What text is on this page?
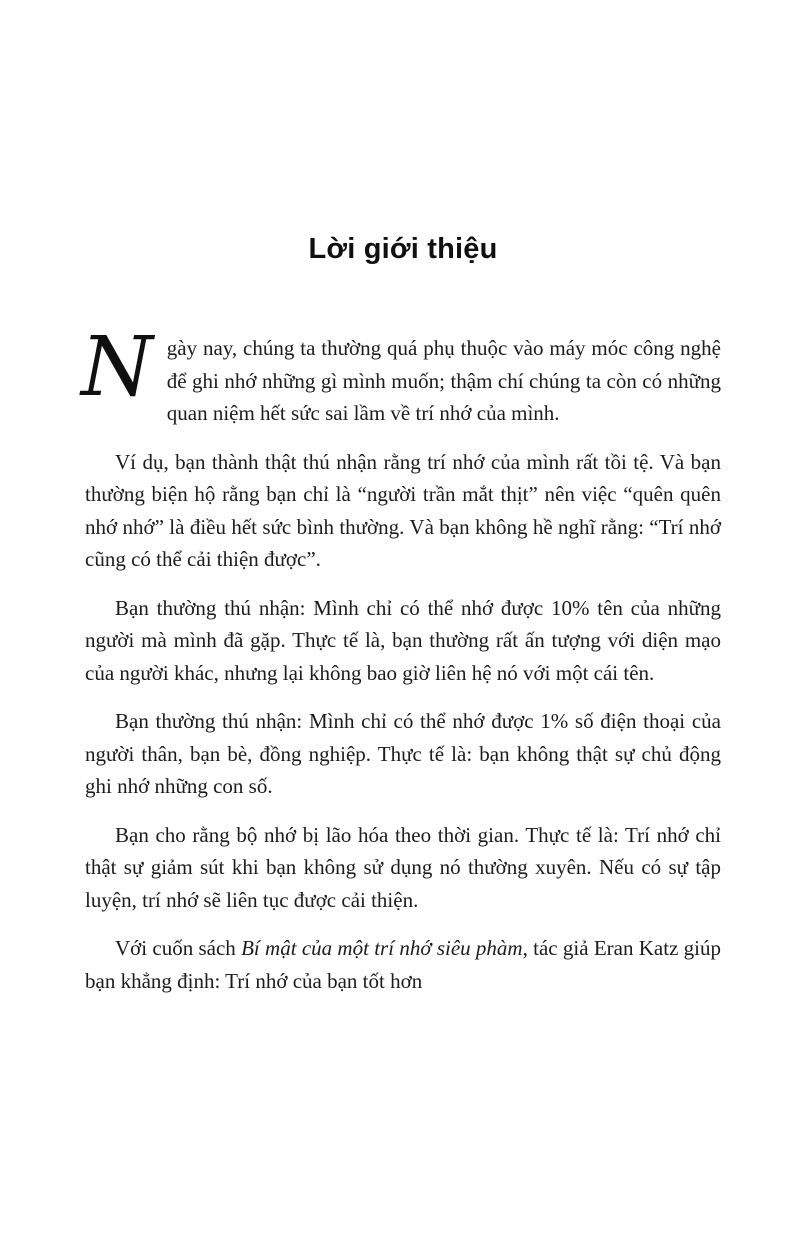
Lời giới thiệu

Ngày nay, chúng ta thường quá phụ thuộc vào máy móc công nghệ để ghi nhớ những gì mình muốn; thậm chí chúng ta còn có những quan niệm hết sức sai lầm về trí nhớ của mình.

Ví dụ, bạn thành thật thú nhận rằng trí nhớ của mình rất tồi tệ. Và bạn thường biện hộ rằng bạn chỉ là “người trần mắt thịt” nên việc “quên quên nhớ nhớ” là điều hết sức bình thường. Và bạn không hề nghĩ rằng: “Trí nhớ cũng có thể cải thiện được”.

Bạn thường thú nhận: Mình chỉ có thể nhớ được 10% tên của những người mà mình đã gặp. Thực tế là, bạn thường rất ấn tượng với diện mạo của người khác, nhưng lại không bao giờ liên hệ nó với một cái tên.

Bạn thường thú nhận: Mình chỉ có thể nhớ được 1% số điện thoại của người thân, bạn bè, đồng nghiệp. Thực tế là: bạn không thật sự chủ động ghi nhớ những con số.

Bạn cho rằng bộ nhớ bị lão hóa theo thời gian. Thực tế là: Trí nhớ chỉ thật sự giảm sút khi bạn không sử dụng nó thường xuyên. Nếu có sự tập luyện, trí nhớ sẽ liên tục được cải thiện.

Với cuốn sách Bí mật của một trí nhớ siêu phàm, tác giả Eran Katz giúp bạn khẳng định: Trí nhớ của bạn tốt hơn
